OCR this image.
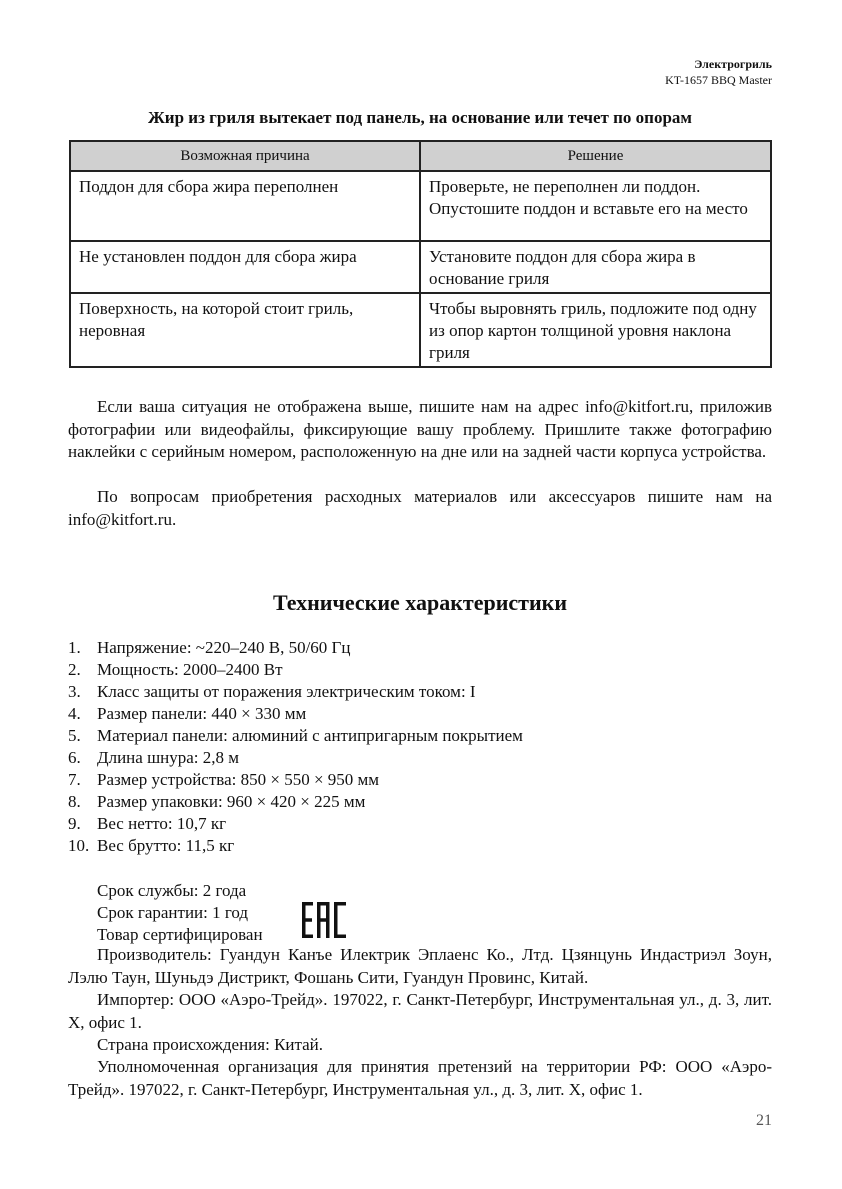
Электрогриль
KT-1657 BBQ Master
Жир из гриля вытекает под панель, на основание или течет по опорам
Возможная причина	Решение
Поддон для сбора жира переполнен	Проверьте, не переполнен ли поддон. Опустошите поддон и вставьте его на место
Не установлен поддон для сбора жира	Установите поддон для сбора жира в основание гриля
Поверхность, на которой стоит гриль, неровная	Чтобы выровнять гриль, подложите под одну из опор картон толщиной уровня наклона гриля

Если ваша ситуация не отображена выше, пишите нам на адрес info@kitfort.ru, приложив фотографии или видеофайлы, фиксирующие вашу проблему. Пришлите также фотографию наклейки с серийным номером, расположенную на дне или на задней части корпуса устройства.

По вопросам приобретения расходных материалов или аксессуаров пишите нам на info@kitfort.ru.

Технические характеристики
1. Напряжение: ~220–240 В, 50/60 Гц
2. Мощность: 2000–2400 Вт
3. Класс защиты от поражения электрическим током: I
4. Размер панели: 440 × 330 мм
5. Материал панели: алюминий с антипригарным покрытием
6. Длина шнура: 2,8 м
7. Размер устройства: 850 × 550 × 950 мм
8. Размер упаковки: 960 × 420 × 225 мм
9. Вес нетто: 10,7 кг
10. Вес брутто: 11,5 кг
Срок службы: 2 года
Срок гарантии: 1 год
Товар сертифицирован

Производитель: Гуандун Канъе Илектрик Эплаенс Ко., Лтд. Цзянцунь Индастриэл Зоун, Лэлю Таун, Шуньдэ Дистрикт, Фошань Сити, Гуандун Провинс, Китай.

Импортер: ООО «Аэро-Трейд». 197022, г. Санкт-Петербург, Инструментальная ул., д. 3, лит. Х, офис 1.

Страна происхождения: Китай.

Уполномоченная организация для принятия претензий на территории РФ: ООО «Аэро-Трейд». 197022, г. Санкт-Петербург, Инструментальная ул., д. 3, лит. Х, офис 1.

21
